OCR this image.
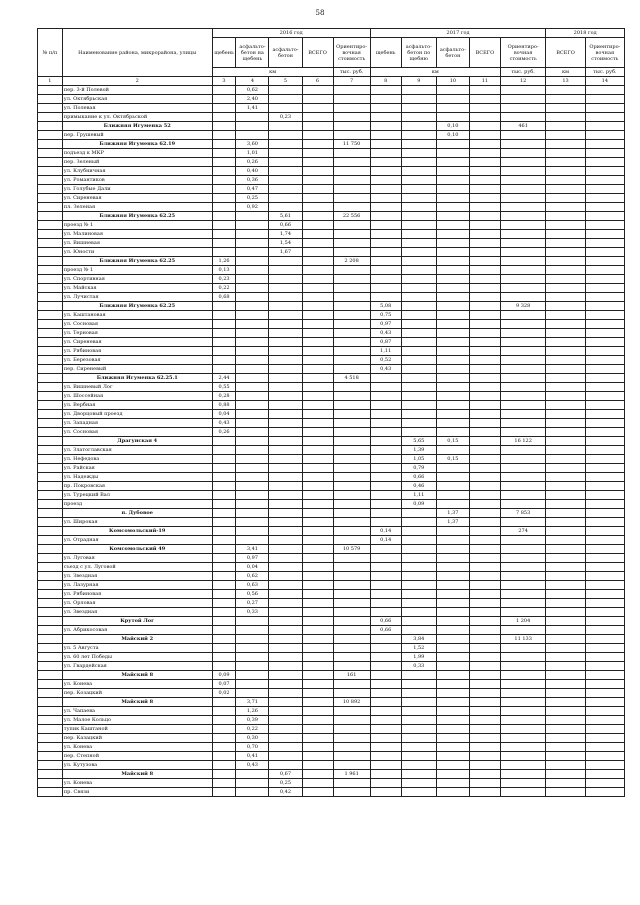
58
№ п/п	Наименование района, микрорайона, улицы	2016 год					2017 год					2018 год	
		щебень	асфальто-бетон на щебень	асфальто-бетон	ВСЕГО	Ориентиро-вочная стоимость	щебень	асфальто-бетон по щебню	асфальто-бетон	ВСЕГО	Ориентиро-вочная стоимость	ВСЕГО	Ориентиро-вочная стоимость
		км				тыс. руб.	км				тыс. руб.	км	тыс. руб.
1	2	3	4	5	6	7	8	9	10	11	12	13	14
	пер. 3-й Полевой		0,62										
	ул. Октябрьская		2,40										
	ул. Полевая		1,41										
	примыкание к ул. Октябрьской			0,23									
	Ближняя Игуменка 52								0,10		461		
	пер. Грушевый								0,10				
	Ближняя Игуменка 62.19		3,60			11 750							
	подъезд к МКР		1,01										
	пер. Зеленый		0,26										
	ул. Клубничная		0,40										
	ул. Романтиков		0,36										
	ул. Голубые Дали		0,47										
	ул. Сиреневая		0,25										
	пл. Зеленая		0,92										
	Ближняя Игуменка 62.25			5,61		22 556							
	проезд № 1			0,66									
	ул. Малиновая			1,74									
	ул. Вишневая			1,54									
	ул. Юности			1,67									
	Ближняя Игуменка 62.25	1,26				2 208							
	проезд № 1	0,13											
	ул. Спортивная	0,23											
	ул. Майская	0,22											
	ул. Лучистая	0,68											
	Ближняя Игуменка 62.25						5,08				9 328		
	ул. Каштановая						0,75						
	ул. Сосновая						0,97						
	ул. Терновая						0,43						
	ул. Сиреневая						0,87						
	ул. Рябиновая						1,11						
	ул. Березовая						0,52						
	пер. Сиреневый						0,43						
	Ближняя Игуменка 62.25.1	2,44				4 518							
	ул. Вишневый Лог	0,55											
	ул. Шоссейная	0,28											
	ул. Вербная	0,88											
	ул. Дворцовый проезд	0,04											
	ул. Западная	0,43											
	ул. Сосновая	0,26											
	Драгунская 4							5,65	0,15		16 122		
	ул. Златоглавская							1,39					
	ул. Нефедова							1,05	0,15				
	ул. Райская							0,79					
	ул. Надежды							0,66					
	пр. Покровская							0,46					
	ул. Турецкий Вал							1,11					
	проезд							0,09					
	п. Дубовое								1,37		7 853		
	ул. Широкая								1,37				
	Комсомольский-19						0,14				274		
	ул. Отрадная						0,14						
	Комсомольский 49		3,41			10 579							
	ул. Луговая		0,97										
	съезд с ул. Луговой		0,04										
	ул. Звездная		0,62										
	ул. Лазурная		0,63										
	ул. Рябиновая		0,56										
	ул. Орловая		0,27										
	ул. Звездная		0,33										
	Крутой Лог						0,66				1 204		
	ул. Абрикосовая						0,66						
	Майский 2							3,84			11 133		
	ул. 5 Августа							1,52					
	ул. 60 лет Победы							1,99					
	ул. Гвардейская							0,33					
	Майский 8	0,09				161							
	ул. Конева	0,07											
	пер. Козацкий	0,02											
	Майский 8		3,71			10 892							
	ул. Чапаева		1,26										
	ул. Малое Кольцо		0,39										
	тупик Каштаной		0,22										
	пер. Казацкий		0,30										
	ул. Конева		0,70										
	пер. Степной		0,41										
	ул. Кутузова		0,43										
	Майский 8			0,67		1 961							
	ул. Конева			0,25									
	пр. Связи			0,42									
